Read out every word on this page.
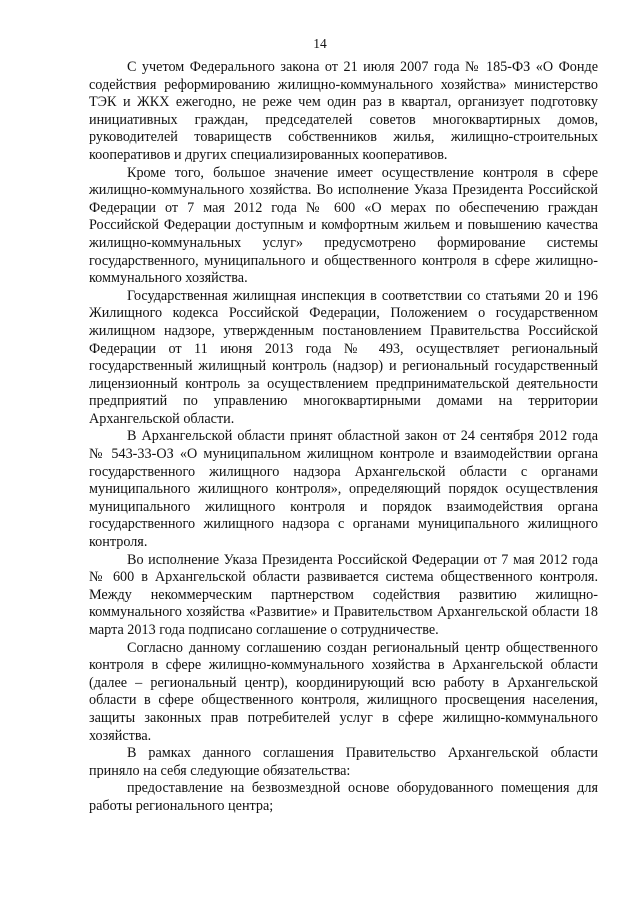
14

С учетом Федерального закона от 21 июля 2007 года № 185-ФЗ «О Фонде содействия реформированию жилищно-коммунального хозяйства» министерство ТЭК и ЖКХ ежегодно, не реже чем один раз в квартал, организует подготовку инициативных граждан, председателей советов многоквартирных домов, руководителей товариществ собственников жилья, жилищно-строительных кооперативов и других специализированных кооперативов.

Кроме того, большое значение имеет осуществление контроля в сфере жилищно-коммунального хозяйства. Во исполнение Указа Президента Российской Федерации от 7 мая 2012 года № 600 «О мерах по обеспечению граждан Российской Федерации доступным и комфортным жильем и повышению качества жилищно-коммунальных услуг» предусмотрено формирование системы государственного, муниципального и общественного контроля в сфере жилищно-коммунального хозяйства.

Государственная жилищная инспекция в соответствии со статьями 20 и 196 Жилищного кодекса Российской Федерации, Положением о государственном жилищном надзоре, утвержденным постановлением Правительства Российской Федерации от 11 июня 2013 года № 493, осуществляет региональный государственный жилищный контроль (надзор) и региональный государственный лицензионный контроль за осуществлением предпринимательской деятельности предприятий по управлению многоквартирными домами на территории Архангельской области.

В Архангельской области принят областной закон от 24 сентября 2012 года № 543-33-ОЗ «О муниципальном жилищном контроле и взаимодействии органа государственного жилищного надзора Архангельской области с органами муниципального жилищного контроля», определяющий порядок осуществления муниципального жилищного контроля и порядок взаимодействия органа государственного жилищного надзора с органами муниципального жилищного контроля.

Во исполнение Указа Президента Российской Федерации от 7 мая 2012 года № 600 в Архангельской области развивается система общественного контроля. Между некоммерческим партнерством содействия развитию жилищно-коммунального хозяйства «Развитие» и Правительством Архангельской области 18 марта 2013 года подписано соглашение о сотрудничестве.

Согласно данному соглашению создан региональный центр общественного контроля в сфере жилищно-коммунального хозяйства в Архангельской области (далее – региональный центр), координирующий всю работу в Архангельской области в сфере общественного контроля, жилищного просвещения населения, защиты законных прав потребителей услуг в сфере жилищно-коммунального хозяйства.

В рамках данного соглашения Правительство Архангельской области приняло на себя следующие обязательства:

предоставление на безвозмездной основе оборудованного помещения для работы регионального центра;
